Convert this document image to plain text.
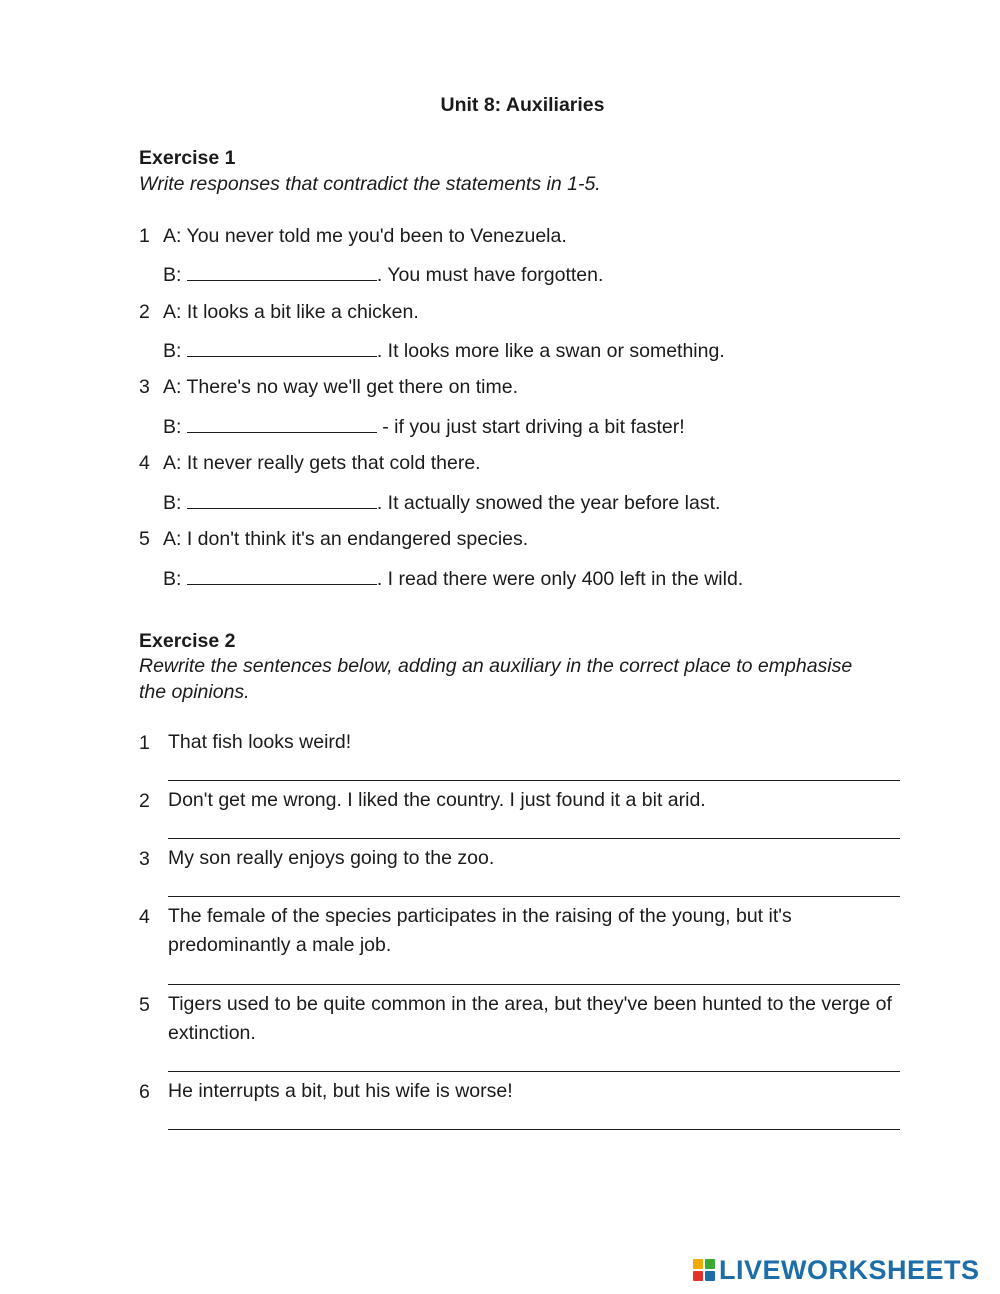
Unit 8: Auxiliaries
Exercise 1
Write responses that contradict the statements in 1-5.
1 A: You never told me you'd been to Venezuela.
B:	. You must have forgotten.
2 A: It looks a bit like a chicken.
B:	. It looks more like a swan or something.
3 A: There's no way we'll get there on time.
B:	- if you just start driving a bit faster!
4 A: It never really gets that cold there.
B:	. It actually snowed the year before last.
5 A: I don't think it's an endangered species.
B:	. I read there were only 400 left in the wild.
Exercise 2
Rewrite the sentences below, adding an auxiliary in the correct place to emphasise the opinions.
1 That fish looks weird!
2 Don't get me wrong. I liked the country. I just found it a bit arid.
3 My son really enjoys going to the zoo.
4 The female of the species participates in the raising of the young, but it's predominantly a male job.
5 Tigers used to be quite common in the area, but they've been hunted to the verge of extinction.
6 He interrupts a bit, but his wife is worse!
LIVEWORKSHEETS
